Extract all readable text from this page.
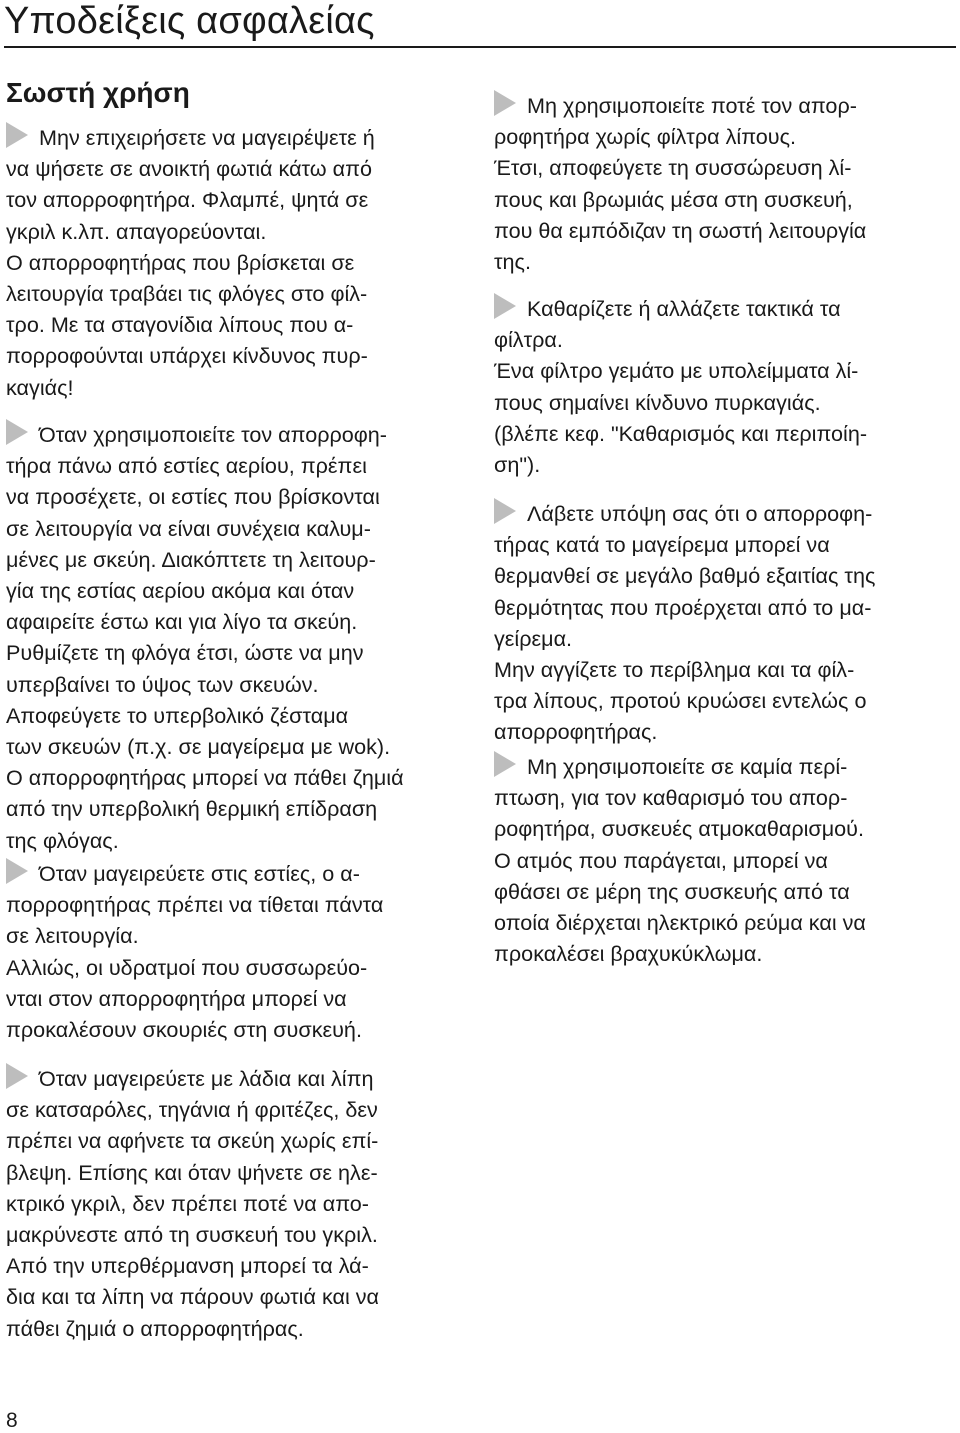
Υποδείξεις ασφαλείας
Σωστή χρήση

Μην επιχειρήσετε να μαγειρέψετε ή
να ψήσετε σε ανοικτή φωτιά κάτω από
τον απορροφητήρα. Φλαμπέ, ψητά σε
γκριλ κ.λπ. απαγορεύονται.
Ο απορροφητήρας που βρίσκεται σε
λειτουργία τραβάει τις φλόγες στο φίλ-
τρο. Με τα σταγονίδια λίπους που α-
πορροφούνται υπάρχει κίνδυνος πυρ-
καγιάς!

Όταν χρησιμοποιείτε τον απορροφη-
τήρα πάνω από εστίες αερίου, πρέπει
να προσέχετε, οι εστίες που βρίσκονται
σε λειτουργία να είναι συνέχεια καλυμ-
μένες με σκεύη. Διακόπτετε τη λειτουρ-
γία της εστίας αερίου ακόμα και όταν
αφαιρείτε έστω και για λίγο τα σκεύη.
Ρυθμίζετε τη φλόγα έτσι, ώστε να μην
υπερβαίνει το ύψος των σκευών.
Αποφεύγετε το υπερβολικό ζέσταμα
των σκευών (π.χ. σε μαγείρεμα με wok).
Ο απορροφητήρας μπορεί να πάθει ζημιά
από την υπερβολική θερμική επίδραση
της φλόγας.

Όταν μαγειρεύετε στις εστίες, ο α-
πορροφητήρας πρέπει να τίθεται πάντα
σε λειτουργία.
Αλλιώς, οι υδρατμοί που συσσωρεύο-
νται στον απορροφητήρα μπορεί να
προκαλέσουν σκουριές στη συσκευή.

Όταν μαγειρεύετε με λάδια και λίπη
σε κατσαρόλες, τηγάνια ή φριτέζες, δεν
πρέπει να αφήνετε τα σκεύη χωρίς επί-
βλεψη. Επίσης και όταν ψήνετε σε ηλε-
κτρικό γκριλ, δεν πρέπει ποτέ να απο-
μακρύνεστε από τη συσκευή του γκριλ.
Από την υπερθέρμανση μπορεί τα λά-
δια και τα λίπη να πάρουν φωτιά και να
πάθει ζημιά ο απορροφητήρας.

Μη χρησιμοποιείτε ποτέ τον απορ-
ροφητήρα χωρίς φίλτρα λίπους.
Έτσι, αποφεύγετε τη συσσώρευση λί-
πους και βρωμιάς μέσα στη συσκευή,
που θα εμπόδιζαν τη σωστή λειτουργία
της.

Καθαρίζετε ή αλλάζετε τακτικά τα
φίλτρα.
Ένα φίλτρο γεμάτο με υπολείμματα λί-
πους σημαίνει κίνδυνο πυρκαγιάς.
(βλέπε κεφ. "Καθαρισμός και περιποίη-
ση").

Λάβετε υπόψη σας ότι ο απορροφη-
τήρας κατά το μαγείρεμα μπορεί να
θερμανθεί σε μεγάλο βαθμό εξαιτίας της
θερμότητας που προέρχεται από το μα-
γείρεμα.
Μην αγγίζετε το περίβλημα και τα φίλ-
τρα λίπους, προτού κρυώσει εντελώς ο
απορροφητήρας.

Μη χρησιμοποιείτε σε καμία περί-
πτωση, για τον καθαρισμό του απορ-
ροφητήρα, συσκευές ατμοκαθαρισμού.
Ο ατμός που παράγεται, μπορεί να
φθάσει σε μέρη της συσκευής από τα
οποία διέρχεται ηλεκτρικό ρεύμα και να
προκαλέσει βραχυκύκλωμα.

8
